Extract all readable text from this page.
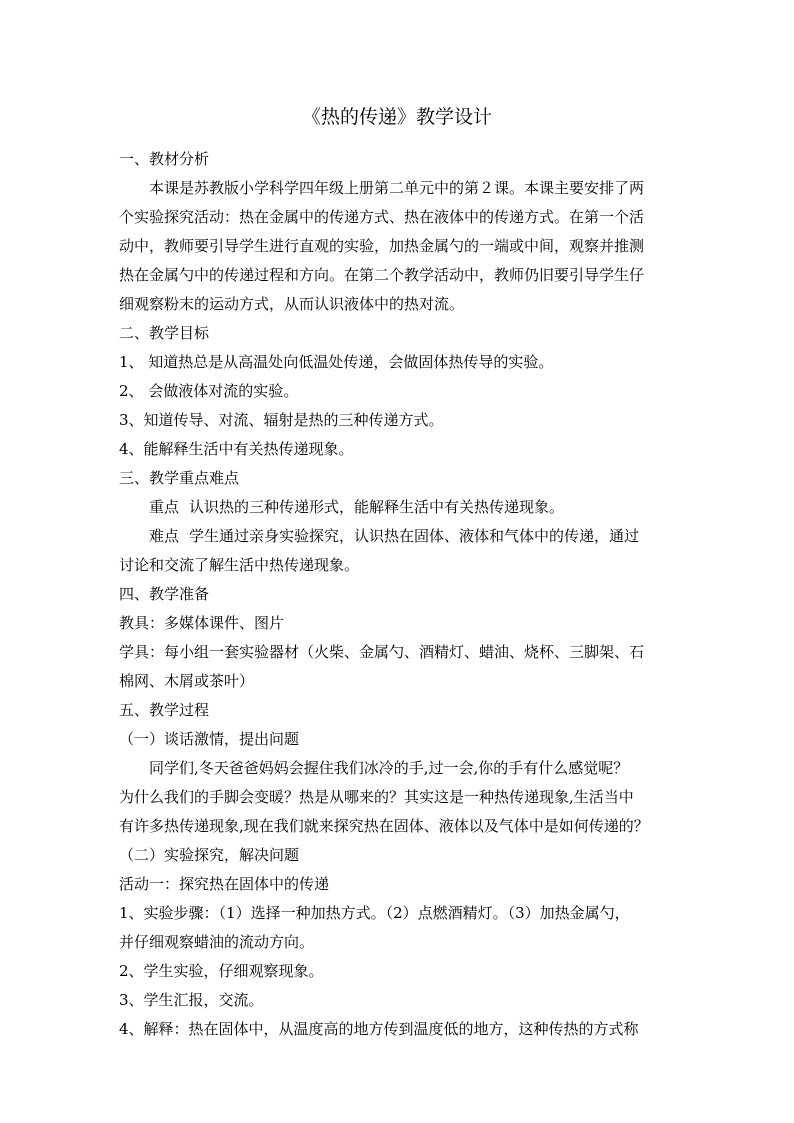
《热的传递》教学设计
一、教材分析
本课是苏教版小学科学四年级上册第二单元中的第２课。本课主要安排了两
个实验探究活动：热在金属中的传递方式、热在液体中的传递方式。在第一个活
动中，教师要引导学生进行直观的实验，加热金属勺的一端或中间，观察并推测
热在金属勺中的传递过程和方向。在第二个教学活动中，教师仍旧要引导学生仔
细观察粉末的运动方式，从而认识液体中的热对流。
二、教学目标
1、 知道热总是从高温处向低温处传递，会做固体热传导的实验。
2、 会做液体对流的实验。
3、知道传导、对流、辐射是热的三种传递方式。
4、能解释生活中有关热传递现象。
三、教学重点难点
重点 认识热的三种传递形式，能解释生活中有关热传递现象。
难点 学生通过亲身实验探究，认识热在固体、液体和气体中的传递，通过
讨论和交流了解生活中热传递现象。
四、教学准备
教具：多媒体课件、图片
学具：每小组一套实验器材（火柴、金属勺、酒精灯、蜡油、烧杯、三脚架、石
棉网、木屑或茶叶）
五、教学过程
（一）谈话激情，提出问题
同学们,冬天爸爸妈妈会握住我们冰冷的手,过一会,你的手有什么感觉呢？
为什么我们的手脚会变暖？热是从哪来的？其实这是一种热传递现象,生活当中
有许多热传递现象,现在我们就来探究热在固体、液体以及气体中是如何传递的？
（二）实验探究，解决问题
活动一：探究热在固体中的传递
1、实验步骤：（1）选择一种加热方式。（2）点燃酒精灯。（3）加热金属勺，
并仔细观察蜡油的流动方向。
2、学生实验，仔细观察现象。
3、学生汇报，交流。
4、解释：热在固体中，从温度高的地方传到温度低的地方，这种传热的方式称
